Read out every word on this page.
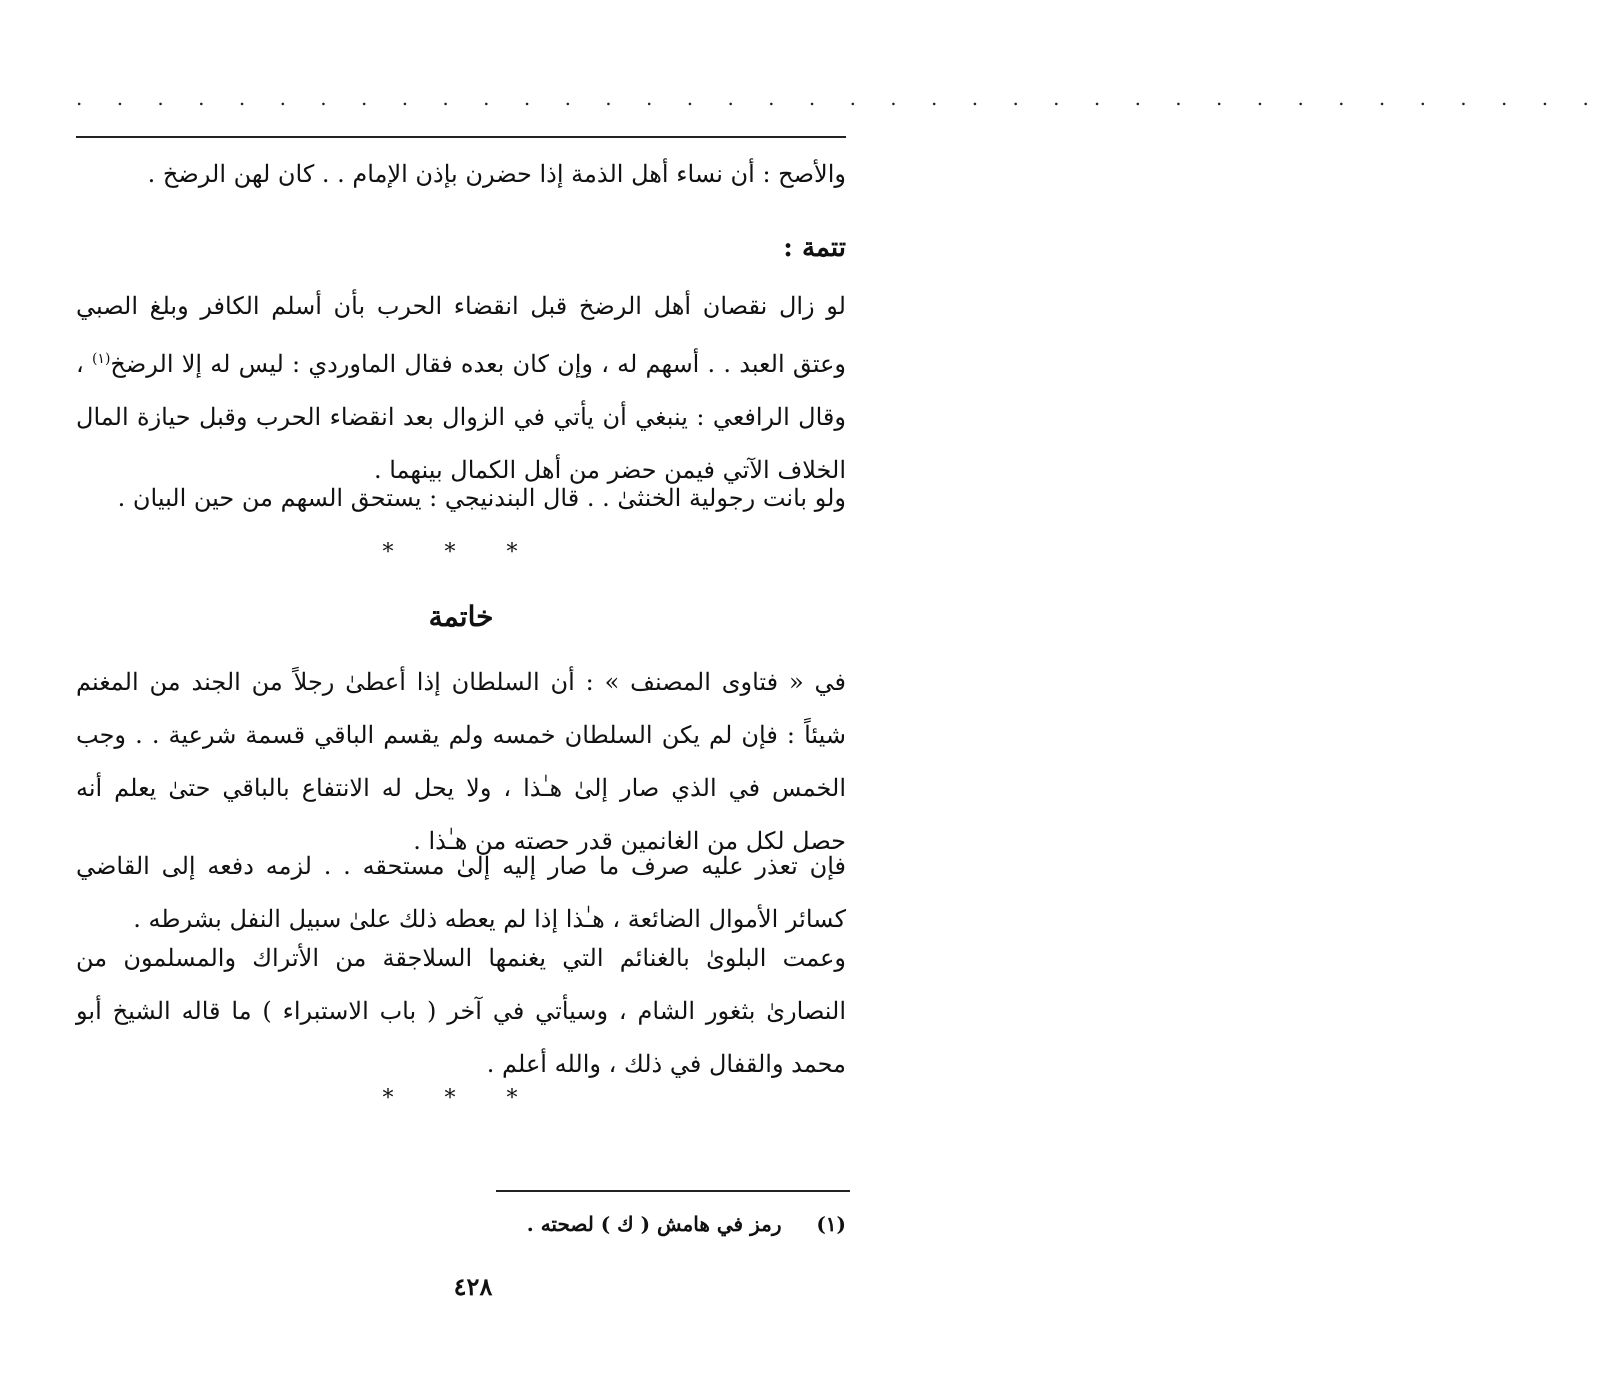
. . . . . . . . . . . . . . . . . . . . . . . . . . . . . . . . . . . . . .

والأصح : أن نساء أهل الذمة إذا حضرن بإذن الإمام . . كان لهن الرضخ .

تتمة :

لو زال نقصان أهل الرضخ قبل انقضاء الحرب بأن أسلم الكافر وبلغ الصبي وعتق العبد . . أسهم له ، وإن كان بعده فقال الماوردي : ليس له إلا الرضخ$^{(١)}$ ، وقال الرافعي : ينبغي أن يأتي في الزوال بعد انقضاء الحرب وقبل حيازة المال الخلاف الآتي فيمن حضر من أهل الكمال بينهما .

ولو بانت رجولية الخنثىٰ . . قال البندنيجي : يستحق السهم من حين البيان .

* * *

خاتمة

في « فتاوى المصنف » : أن السلطان إذا أعطىٰ رجلاً من الجند من المغنم شيئاً : فإن لم يكن السلطان خمسه ولم يقسم الباقي قسمة شرعية . . وجب الخمس في الذي صار إلىٰ هـٰذا ، ولا يحل له الانتفاع بالباقي حتىٰ يعلم أنه حصل لكل من الغانمين قدر حصته من هـٰذا .

فإن تعذر عليه صرف ما صار إليه إلىٰ مستحقه . . لزمه دفعه إلى القاضي كسائر الأموال الضائعة ، هـٰذا إذا لم يعطه ذلك علىٰ سبيل النفل بشرطه .

وعمت البلوىٰ بالغنائم التي يغنمها السلاجقة من الأتراك والمسلمون من النصارىٰ بثغور الشام ، وسيأتي في آخر ( باب الاستبراء ) ما قاله الشيخ أبو محمد والقفال في ذلك ، والله أعلم .

* * *

(١)     رمز في هامش ( ك ) لصحته .
٤٢٨
